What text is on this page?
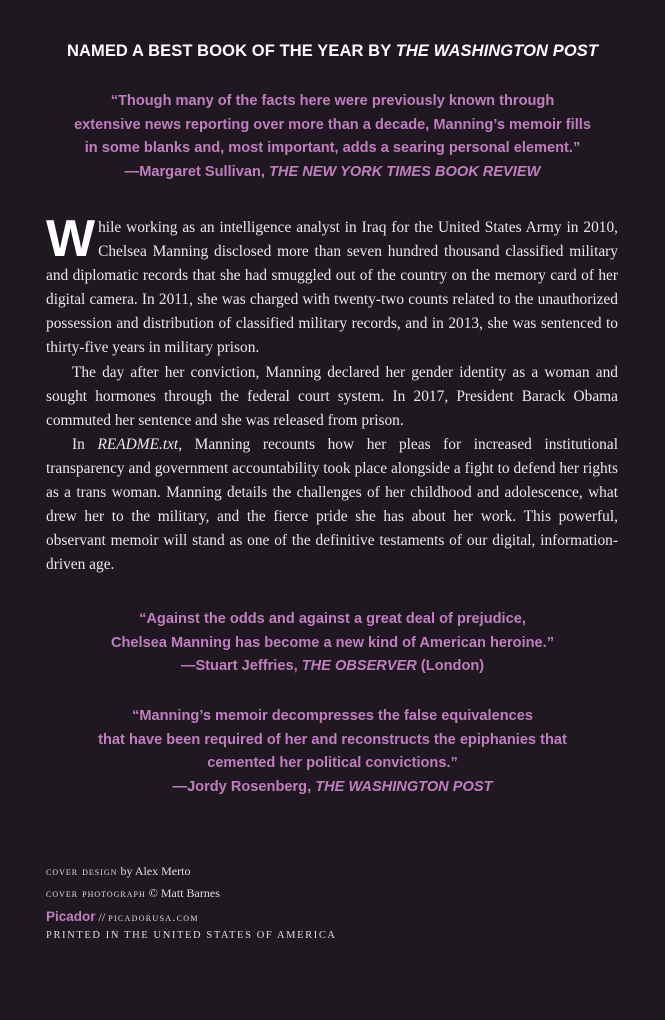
NAMED A BEST BOOK OF THE YEAR BY THE WASHINGTON POST
“Though many of the facts here were previously known through
extensive news reporting over more than a decade, Manning’s memoir fills
in some blanks and, most important, adds a searing personal element.”
—Margaret Sullivan, THE NEW YORK TIMES BOOK REVIEW

While working as an intelligence analyst in Iraq for the United States Army in 2010, Chelsea Manning disclosed more than seven hundred thousand classified military and diplomatic records that she had smuggled out of the country on the memory card of her digital camera. In 2011, she was charged with twenty-two counts related to the unauthorized possession and distribution of classified military records, and in 2013, she was sentenced to thirty-five years in military prison.

The day after her conviction, Manning declared her gender identity as a woman and sought hormones through the federal court system. In 2017, President Barack Obama commuted her sentence and she was released from prison.

In README.txt, Manning recounts how her pleas for increased institutional transparency and government accountability took place alongside a fight to defend her rights as a trans woman. Manning details the challenges of her childhood and adolescence, what drew her to the military, and the fierce pride she has about her work. This powerful, observant memoir will stand as one of the definitive testaments of our digital, information-driven age.

“Against the odds and against a great deal of prejudice,
Chelsea Manning has become a new kind of American heroine.”
—Stuart Jeffries, THE OBSERVER (London)
“Manning’s memoir decompresses the false equivalences
that have been required of her and reconstructs the epiphanies that
cemented her political convictions.”
—Jordy Rosenberg, THE WASHINGTON POST
cover design by Alex Merto
cover photograph © Matt Barnes
Picador // picadorusa.com
PRINTED IN THE UNITED STATES OF AMERICA
